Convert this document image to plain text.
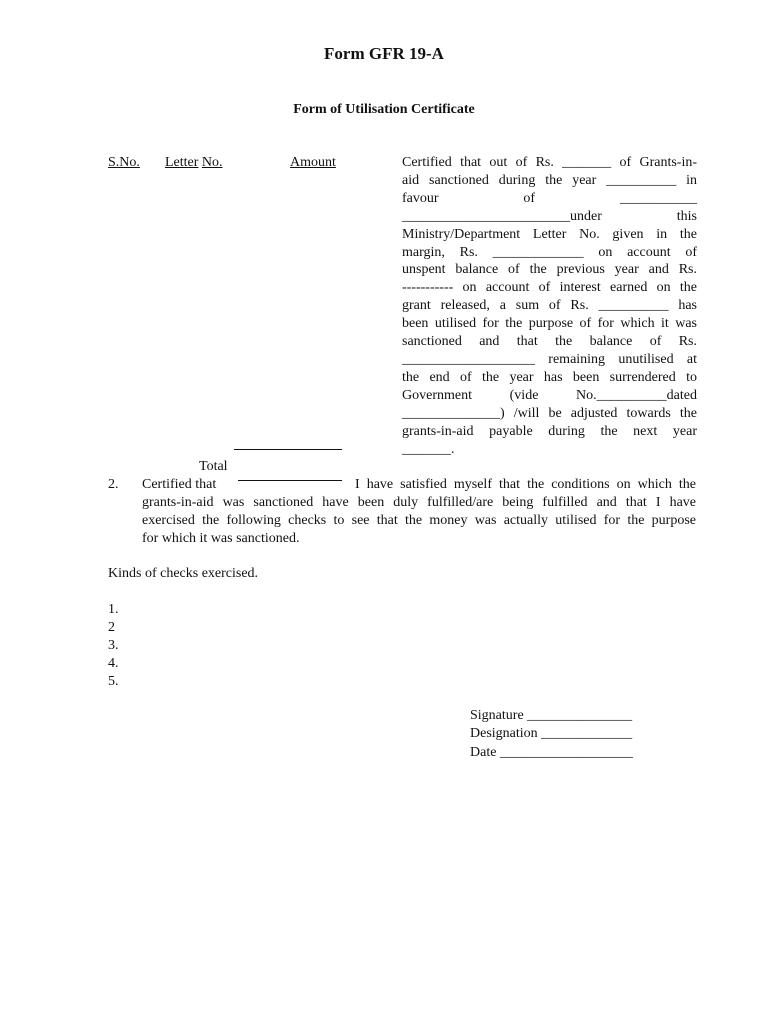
Form GFR 19-A
Form of Utilisation Certificate
S.No. Letter No.	Amount	Certified that out of Rs. _______ of Grants-in-

aid sanctioned during the year __________ in

favour of ___________

________________________under this

Ministry/Department Letter No. given in the

margin, Rs. _____________ on account of

unspent balance of the previous year and Rs.

----------- on account of interest earned on the

grant released, a sum of Rs. __________ has

been utilised for the purpose of for which it was

sanctioned and that the balance of Rs.

___________________ remaining unutilised at

the end of the year has been surrendered to

Government (vide No.__________dated

______________) /will be adjusted towards the

grants-in-aid payable during the next year

_______.

Total
2. Certified that	I have satisfied myself that the conditions on which the

grants-in-aid was sanctioned have been duly fulfilled/are being fulfilled and that I have

exercised the following checks to see that the money was actually utilised for the purpose

for which it was sanctioned.

Kinds of checks exercised.
1.
2
3.
4.
5.
Signature _______________
Designation _____________
Date ___________________
